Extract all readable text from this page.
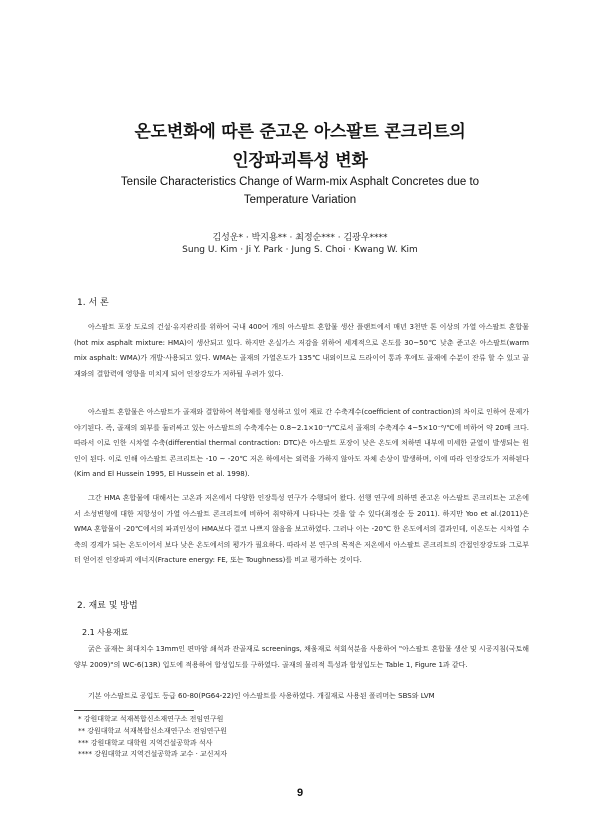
온도변화에 따른 준고온 아스팔트 콘크리트의
인장파괴특성 변화
Tensile Characteristics Change of Warm-mix Asphalt Concretes due to
Temperature Variation
김성운* · 박지용** · 최정순*** · 김광우****
Sung U. Kim · Ji Y. Park · Jung S. Choi · Kwang W. Kim
1. 서 론

아스팔트 포장 도로의 건설·유지관리를 위하여 국내 400여 개의 아스팔트 혼합물 생산 플랜트에서 매년 3천만 톤 이상의 가열 아스팔트 혼합물(hot mix asphalt mixture: HMA)이 생산되고 있다. 하지만 온실가스 저감을 위하여 세계적으로 온도를 30~50℃ 낮춘 준고온 아스팔트(warm mix asphalt: WMA)가 개발·사용되고 있다. WMA는 골재의 가열온도가 135℃ 내외이므로 드라이어 통과 후에도 골재에 수분이 잔류 할 수 있고 골재와의 결합력에 영향을 미치게 되어 인장강도가 저하될 우려가 있다.

아스팔트 혼합물은 아스팔트가 골재와 결합하여 복합체를 형성하고 있어 재료 간 수축계수(coefficient of contraction)의 차이로 인하여 문제가 야기된다. 즉, 골재의 외부를 둘러싸고 있는 아스팔트의 수축계수는 0.8~2.1×10⁻⁴/℃로서 골재의 수축계수 4~5×10⁻⁶/℃에 비하여 약 20배 크다. 따라서 이로 인한 시차열 수축(differential thermal contraction: DTC)은 아스팔트 포장이 낮은 온도에 처하면 내부에 미세한 균열이 발생되는 원인이 된다. 이로 인해 아스팔트 콘크리트는 -10 ~ -20℃ 저온 하에서는 외력을 가하지 않아도 자체 손상이 발생하며, 이에 따라 인장강도가 저하된다(Kim and El Hussein 1995, El Hussein et al. 1998).

그간 HMA 혼합물에 대해서는 고온과 저온에서 다양한 인장특성 연구가 수행되어 왔다. 선행 연구에 의하면 준고온 아스팔트 콘크리트는 고온에서 소성변형에 대한 저항성이 가열 아스팔트 콘크리트에 비하여 취약하게 나타나는 것을 알 수 있다(최정순 등 2011). 하지만 Yoo et al.(2011)은 WMA 혼합물이 -20℃에서의 파괴인성이 HMA보다 결코 나쁘지 않음을 보고하였다. 그러나 이는 -20℃ 한 온도에서의 결과인데, 이온도는 시차열 수축의 경계가 되는 온도이어서 보다 낮은 온도에서의 평가가 필요하다. 따라서 본 연구의 목적은 저온에서 아스팔트 콘크리트의 간접인장강도와 그로부터 얻어진 인장파괴 에너지(Fracture energy: FE, 또는 Toughness)를 비교 평가하는 것이다.

2. 재료 및 방법
2.1 사용재료

굵은 골재는 최대치수 13mm인 편마암 쇄석과 잔골재로 screenings, 채움재로 석회석분을 사용하여 "아스팔트 혼합물 생산 및 시공지침(국토해양부 2009)"의 WC-6(13R) 입도에 적용하여 합성입도를 구하였다. 골재의 물리적 특성과 합성입도는 Table 1, Figure 1과 같다.

기본 아스팔트로 공입도 등급 60-80(PG64-22)인 아스팔트를 사용하였다. 개질재로 사용된 폴리머는 SBS와 LVM

* 강원대학교 석재복합신소재연구소 전임연구원
** 강원대학교 석재복합신소재연구소 전임연구원
*** 강원대학교 대학원 지역건설공학과 석사
**** 강원대학교 지역건설공학과 교수 · 교신저자
9
